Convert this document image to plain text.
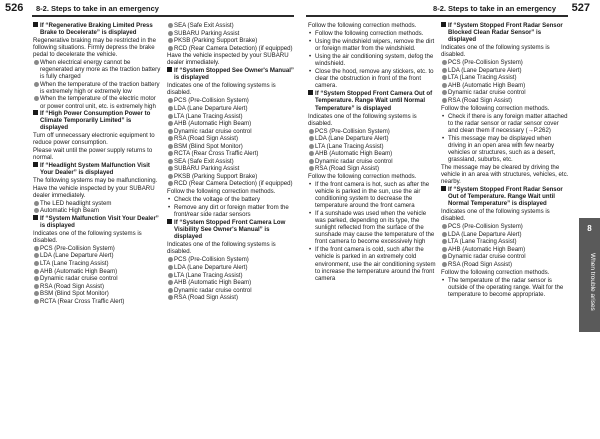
526 8-2. Steps to take in an emergency	8-2. Steps to take in an emergency 527
If “Regenerative Braking Limited Press Brake to Decelerate” is displayed
Regenerative braking may be restricted in the following situations. Firmly depress the brake pedal to decelerate the vehicle.
When electrical energy cannot be regenerated any more as the traction battery is fully charged
When the temperature of the traction battery is extremely high or extremely low
When the temperature of the electric motor or power control unit, etc. is extremely high
If “High Power Consumption Power to Climate Temporarily Limited” is displayed
Turn off unnecessary electronic equipment to reduce power consumption.
Please wait until the power supply returns to normal.
If “Headlight System Malfunction Visit Your Dealer” is displayed
The following systems may be malfunctioning. Have the vehicle inspected by your SUBARU dealer immediately.
The LED headlight system
Automatic High Beam
If “System Malfunction Visit Your Dealer” is displayed
Indicates one of the following systems is disabled.
PCS (Pre-Collision System)
LDA (Lane Departure Alert)
LTA (Lane Tracing Assist)
AHB (Automatic High Beam)
Dynamic radar cruise control
RSA (Road Sign Assist)
BSM (Blind Spot Monitor)
RCTA (Rear Cross Traffic Alert)
SEA (Safe Exit Assist)
SUBARU Parking Assist
PKSB (Parking Support Brake)
RCD (Rear Camera Detection) (if equipped)
Have the vehicle inspected by your SUBARU dealer immediately.
If “System Stopped See Owner's Manual” is displayed
Indicates one of the following systems is disabled.
PCS (Pre-Collision System)
LDA (Lane Departure Alert)
LTA (Lane Tracing Assist)
AHB (Automatic High Beam)
Dynamic radar cruise control
RSA (Road Sign Assist)
BSM (Blind Spot Monitor)
RCTA (Rear Cross Traffic Alert)
SEA (Safe Exit Assist)
SUBARU Parking Assist
PKSB (Parking Support Brake)
RCD (Rear Camera Detection) (if equipped)
Follow the following correction methods.
• Check the voltage of the battery
• Remove any dirt or foreign matter from the front/rear side radar sensors
If “System Stopped Front Camera Low Visibility See Owner's Manual” is displayed
Indicates one of the following systems is disabled.
PCS (Pre-Collision System)
LDA (Lane Departure Alert)
LTA (Lane Tracing Assist)
AHB (Automatic High Beam)
Dynamic radar cruise control
RSA (Road Sign Assist)
Follow the following correction methods.
• Follow the following correction methods.
• Using the windshield wipers, remove the dirt or foreign matter from the windshield.
• Using the air conditioning system, defog the windshield.
• Close the hood, remove any stickers, etc. to clear the obstruction in front of the front camera.
If “System Stopped Front Camera Out of Temperature. Range Wait until Normal Temperature” is displayed
Indicates one of the following systems is disabled.
PCS (Pre-Collision System)
LDA (Lane Departure Alert)
LTA (Lane Tracing Assist)
AHB (Automatic High Beam)
Dynamic radar cruise control
RSA (Road Sign Assist)
Follow the following correction methods.
• If the front camera is hot, such as after the vehicle is parked in the sun, use the air conditioning system to decrease the temperature around the front camera
• If a sunshade was used when the vehicle was parked, depending on its type, the sunlight reflected from the surface of the sunshade may cause the temperature of the front camera to become excessively high
• If the front camera is cold, such after the vehicle is parked in an extremely cold environment, use the air conditioning system to increase the temperature around the front camera
If “System Stopped Front Radar Sensor Blocked Clean Radar Sensor” is displayed
Indicates one of the following systems is disabled.
PCS (Pre-Collision System)
LDA (Lane Departure Alert)
LTA (Lane Tracing Assist)
AHB (Automatic High Beam)
Dynamic radar cruise control
RSA (Road Sign Assist)
Follow the following correction methods.
• Check if there is any foreign matter attached to the radar sensor or radar sensor cover and clean them if necessary (→P.262)
• This message may be displayed when driving in an open area with few nearby vehicles or structures, such as a desert, grassland, suburbs, etc.
The message may be cleared by driving the vehicle in an area with structures, vehicles, etc. nearby.
If “System Stopped Front Radar Sensor Out of Temperature. Range Wait until Normal Temperature” is displayed
Indicates one of the following systems is disabled.
PCS (Pre-Collision System)
LDA (Lane Departure Alert)
LTA (Lane Tracing Assist)
AHB (Automatic High Beam)
Dynamic radar cruise control
RSA (Road Sign Assist)
Follow the following correction methods.
• The temperature of the radar sensor is outside of the operating range. Wait for the temperature to become appropriate.
8
When trouble arises
